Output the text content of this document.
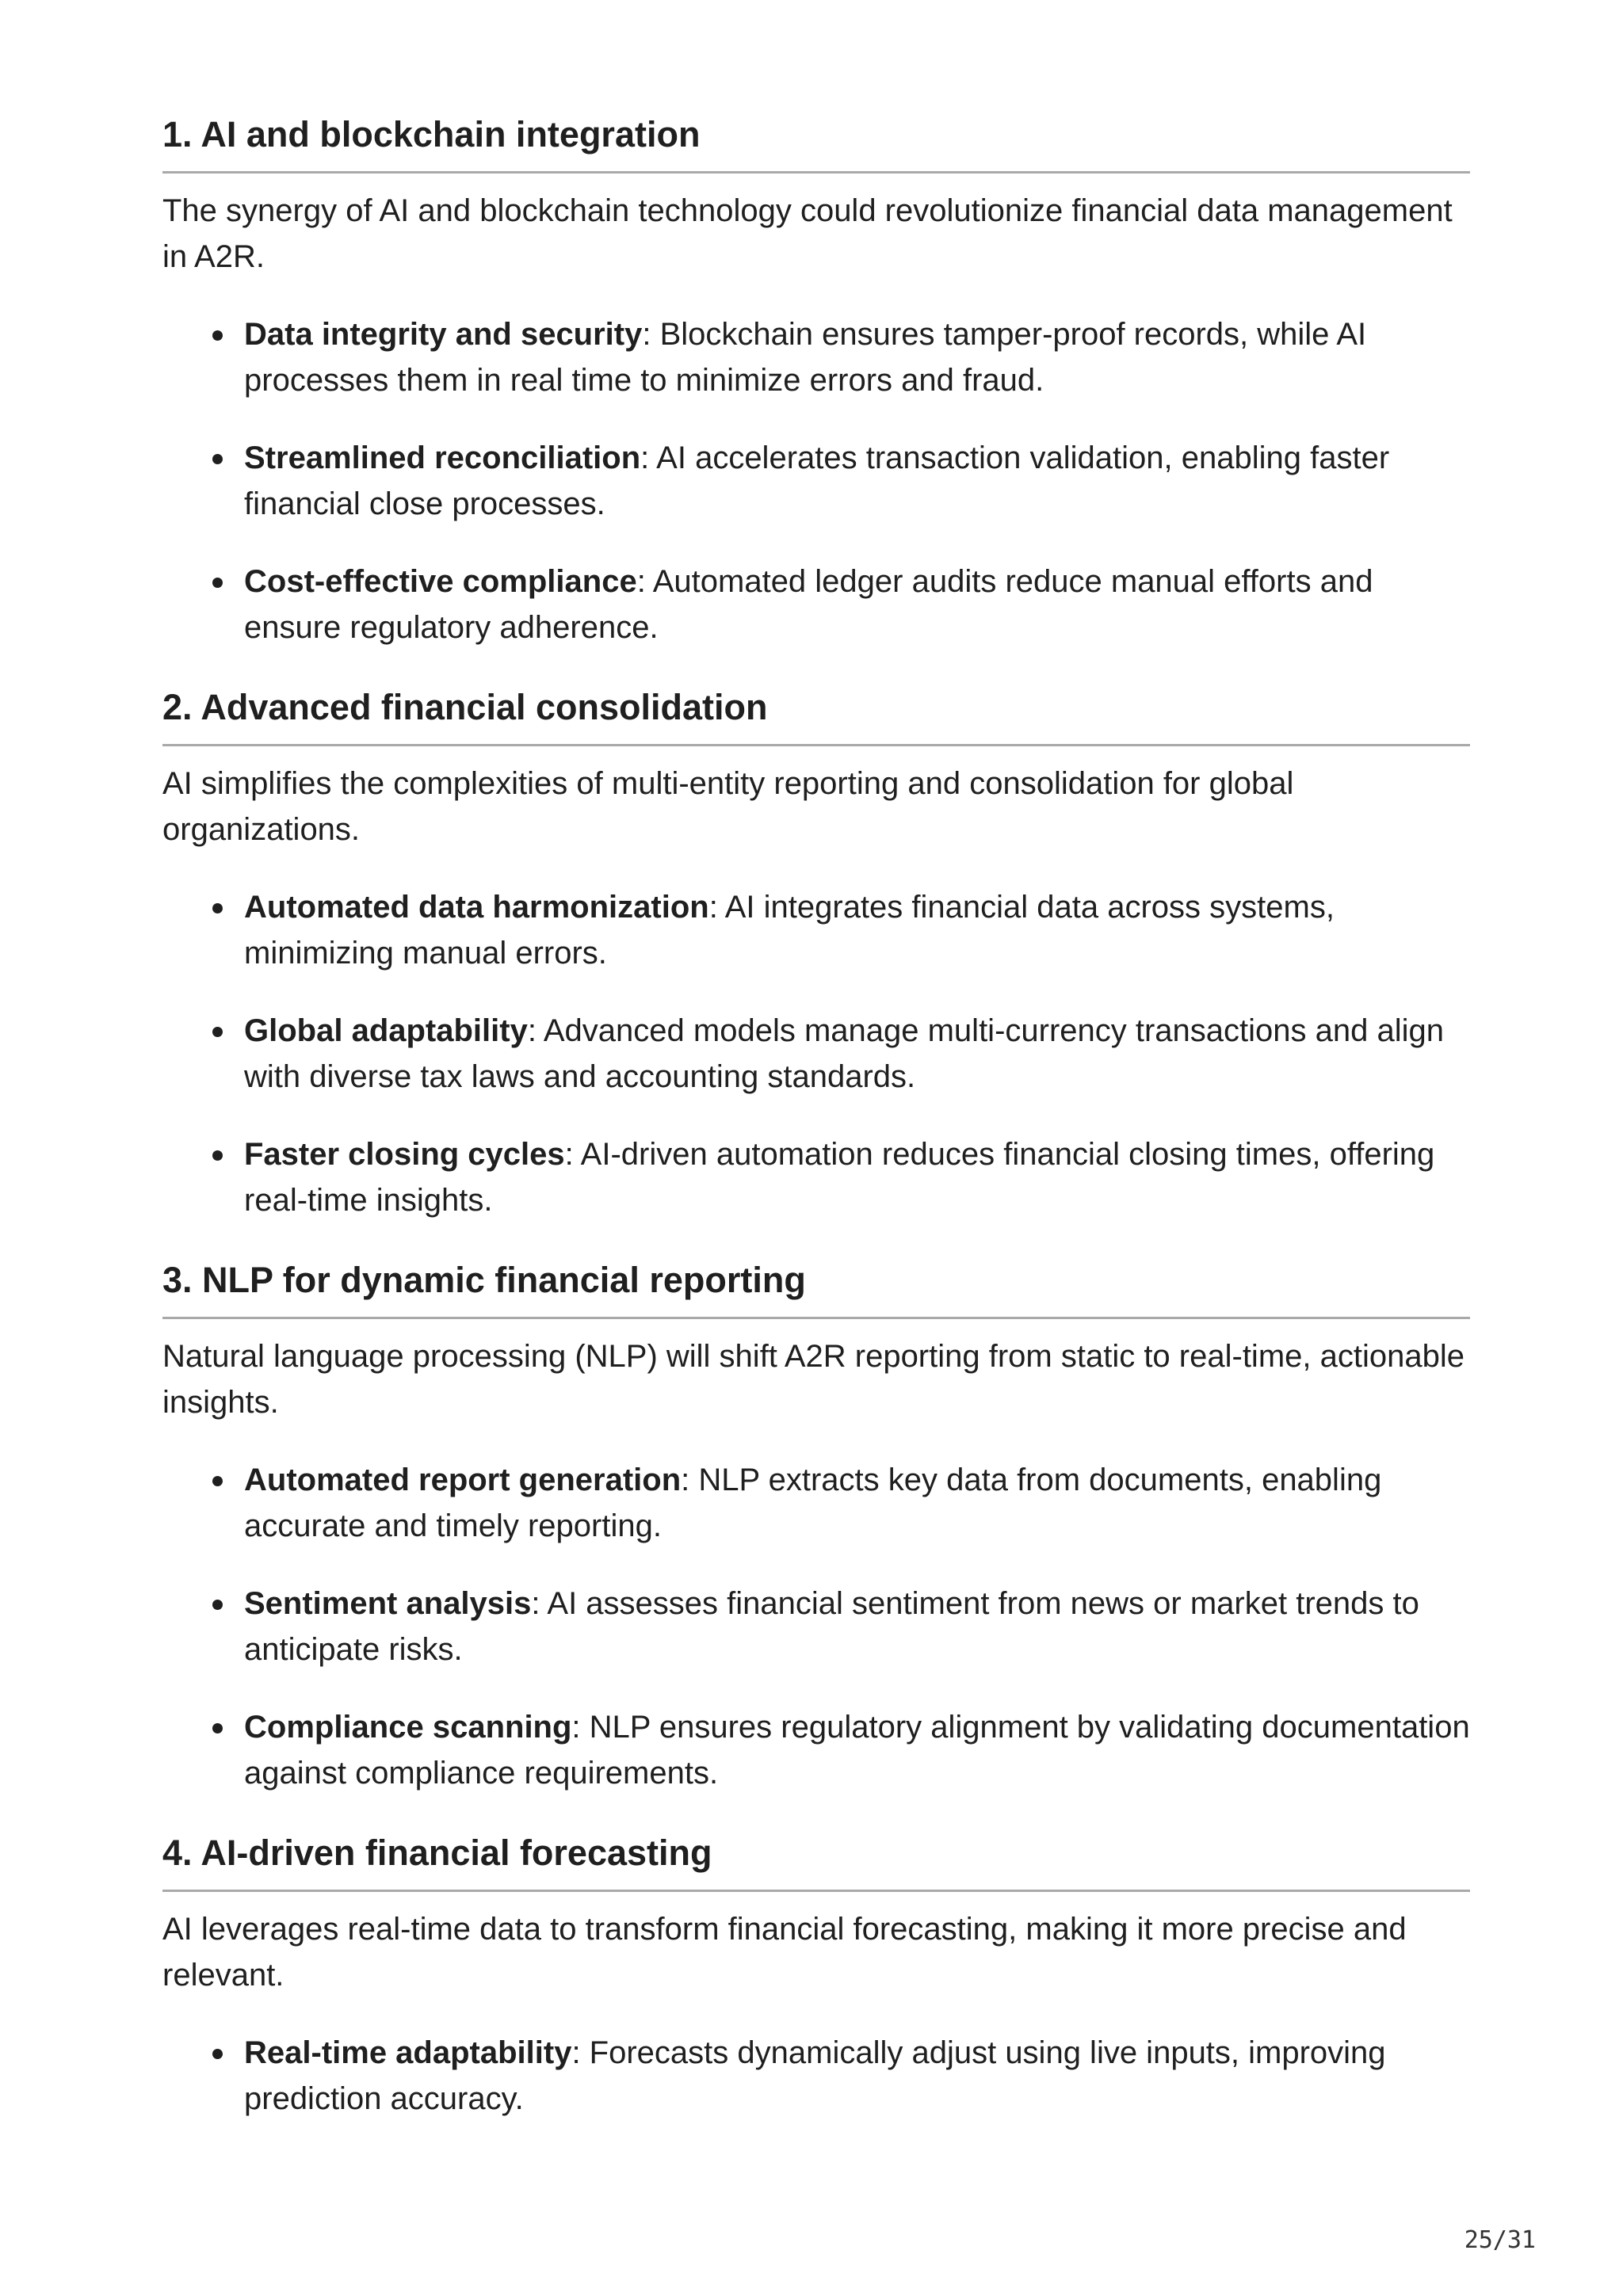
1. AI and blockchain integration

The synergy of AI and blockchain technology could revolutionize financial data management in A2R.

Data integrity and security: Blockchain ensures tamper-proof records, while AI processes them in real time to minimize errors and fraud.
Streamlined reconciliation: AI accelerates transaction validation, enabling faster financial close processes.
Cost-effective compliance: Automated ledger audits reduce manual efforts and ensure regulatory adherence.
2. Advanced financial consolidation

AI simplifies the complexities of multi-entity reporting and consolidation for global organizations.

Automated data harmonization: AI integrates financial data across systems, minimizing manual errors.
Global adaptability: Advanced models manage multi-currency transactions and align with diverse tax laws and accounting standards.
Faster closing cycles: AI-driven automation reduces financial closing times, offering real-time insights.
3. NLP for dynamic financial reporting

Natural language processing (NLP) will shift A2R reporting from static to real-time, actionable insights.

Automated report generation: NLP extracts key data from documents, enabling accurate and timely reporting.
Sentiment analysis: AI assesses financial sentiment from news or market trends to anticipate risks.
Compliance scanning: NLP ensures regulatory alignment by validating documentation against compliance requirements.
4. AI-driven financial forecasting

AI leverages real-time data to transform financial forecasting, making it more precise and relevant.

Real-time adaptability: Forecasts dynamically adjust using live inputs, improving prediction accuracy.
25/31
